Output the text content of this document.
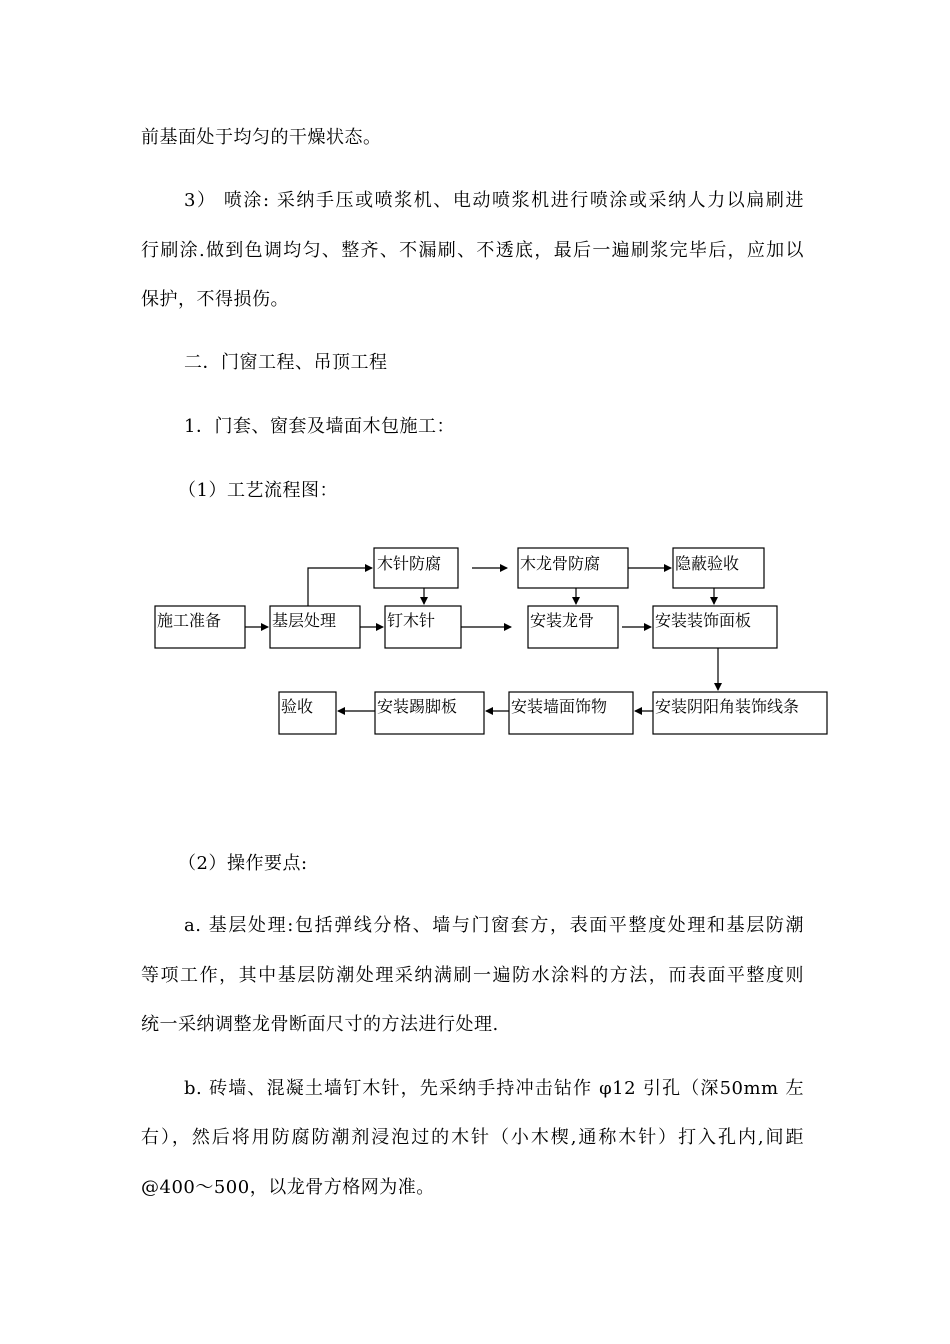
前基面处于均匀的干燥状态。

3） 喷涂: 采纳手压或喷浆机、电动喷浆机进行喷涂或采纳人力以扁刷进

行刷涂.做到色调均匀、整齐、不漏刷、不透底，最后一遍刷浆完毕后，应加以

保护，不得损伤。

二．门窗工程、吊顶工程

1．门套、窗套及墙面木包施工：

（1）工艺流程图：

木针防腐	木龙骨防腐	隐蔽验收
施工准备	基层处理	钉木针	安装龙骨	安装装饰面板
验收	安装踢脚板	安装墙面饰物	安装阴阳角装饰线条

（2）操作要点:

a. 基层处理:包括弹线分格、墙与门窗套方，表面平整度处理和基层防潮

等项工作，其中基层防潮处理采纳满刷一遍防水涂料的方法，而表面平整度则

统一采纳调整龙骨断面尺寸的方法进行处理.

b. 砖墙、混凝土墙钉木针，先采纳手持冲击钻作 φ12 引孔（深50mm 左

右），然后将用防腐防潮剂浸泡过的木针（小木楔,通称木针）打入孔内,间距

@400～500，以龙骨方格网为准。
